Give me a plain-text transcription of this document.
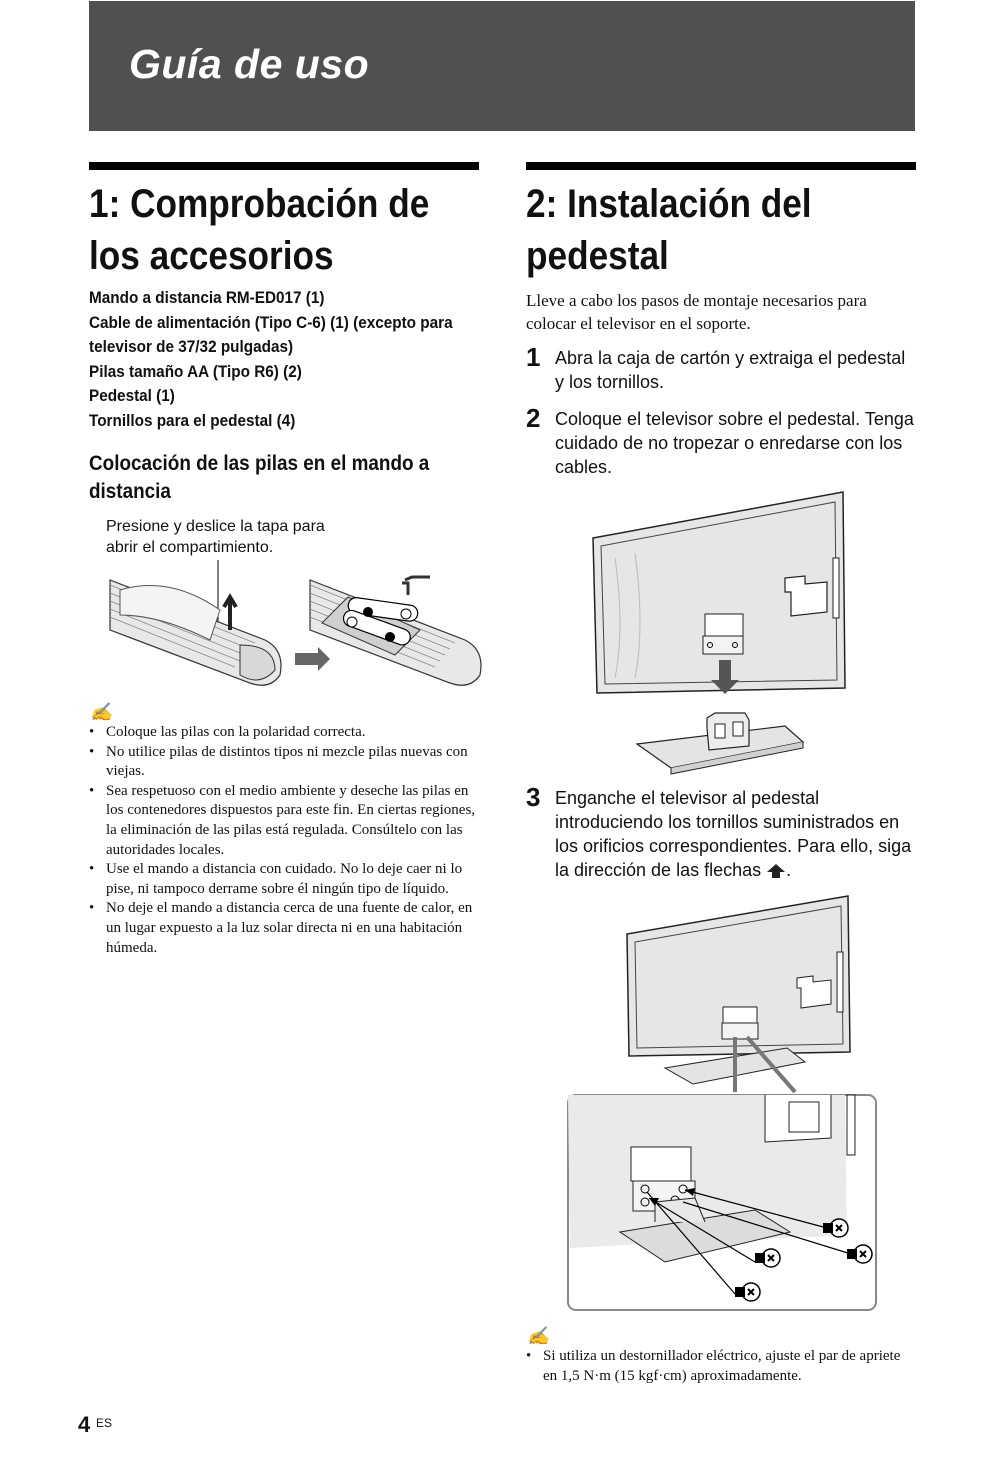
Guía de uso
1: Comprobación de
los accesorios
Mando a distancia RM-ED017 (1)
Cable de alimentación (Tipo C-6) (1) (excepto para
televisor de 37/32 pulgadas)
Pilas tamaño AA (Tipo R6) (2)
Pedestal (1)
Tornillos para el pedestal (4)
Colocación de las pilas en el mando a
distancia
Presione y deslice la tapa para
abrir el compartimiento.
✍
• Coloque las pilas con la polaridad correcta.
• No utilice pilas de distintos tipos ni mezcle pilas nuevas con viejas.
• Sea respetuoso con el medio ambiente y deseche las pilas en los contenedores dispuestos para este fin. En ciertas regiones, la eliminación de las pilas está regulada. Consúltelo con las autoridades locales.
• Use el mando a distancia con cuidado. No lo deje caer ni lo pise, ni tampoco derrame sobre él ningún tipo de líquido.
• No deje el mando a distancia cerca de una fuente de calor, en un lugar expuesto a la luz solar directa ni en una habitación húmeda.
2: Instalación del
pedestal
Lleve a cabo los pasos de montaje necesarios para colocar el televisor en el soporte.
1 Abra la caja de cartón y extraiga el pedestal y los tornillos.
2 Coloque el televisor sobre el pedestal. Tenga cuidado de no tropezar o enredarse con los cables.
3 Enganche el televisor al pedestal introduciendo los tornillos suministrados en los orificios correspondientes. Para ello, siga la dirección de las flechas .
✍
• Si utiliza un destornillador eléctrico, ajuste el par de apriete en 1,5 N·m (15 kgf·cm) aproximadamente.
4 ES
